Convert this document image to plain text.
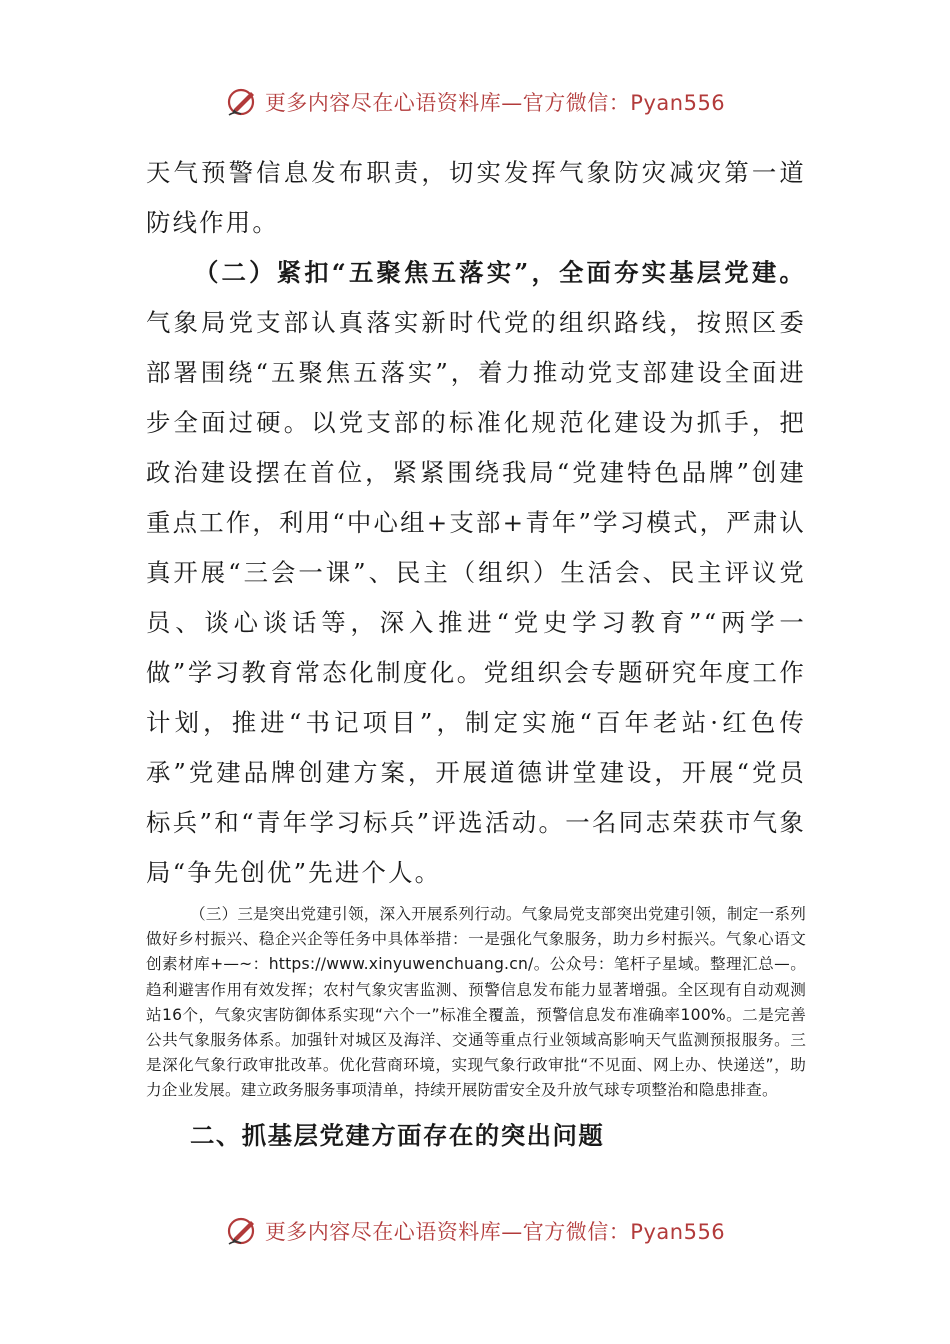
更多内容尽在心语资料库—官方微信：Pyan556

天气预警信息发布职责，切实发挥气象防灾减灾第一道防线作用。

（二）紧扣“五聚焦五落实”，全面夯实基层党建。气象局党支部认真落实新时代党的组织路线，按照区委部署围绕“五聚焦五落实”，着力推动党支部建设全面进步全面过硬。以党支部的标准化规范化建设为抓手，把政治建设摆在首位，紧紧围绕我局“党建特色品牌”创建重点工作，利用“中心组+支部+青年”学习模式，严肃认真开展“三会一课”、民主（组织）生活会、民主评议党员、谈心谈话等，深入推进“党史学习教育”“两学一做”学习教育常态化制度化。党组织会专题研究年度工作计划，推进“书记项目”，制定实施“百年老站·红色传承”党建品牌创建方案，开展道德讲堂建设，开展“党员标兵”和“青年学习标兵”评选活动。一名同志荣获市气象局“争先创优”先进个人。

（三）三是突出党建引领，深入开展系列行动。气象局党支部突出党建引领，制定一系列做好乡村振兴、稳企兴企等任务中具体举措：一是强化气象服务，助力乡村振兴。气象心语文创素材库+—~：https://www.xinyuwenchuang.cn/。公众号：笔杆子星域。整理汇总—。趋利避害作用有效发挥；农村气象灾害监测、预警信息发布能力显著增强。全区现有自动观测站16个，气象灾害防御体系实现“六个一”标准全覆盖，预警信息发布准确率100%。二是完善公共气象服务体系。加强针对城区及海洋、交通等重点行业领域高影响天气监测预报服务。三是深化气象行政审批改革。优化营商环境，实现气象行政审批“不见面、网上办、快递送”，助力企业发展。建立政务服务事项清单，持续开展防雷安全及升放气球专项整治和隐患排查。

二、抓基层党建方面存在的突出问题

更多内容尽在心语资料库—官方微信：Pyan556
